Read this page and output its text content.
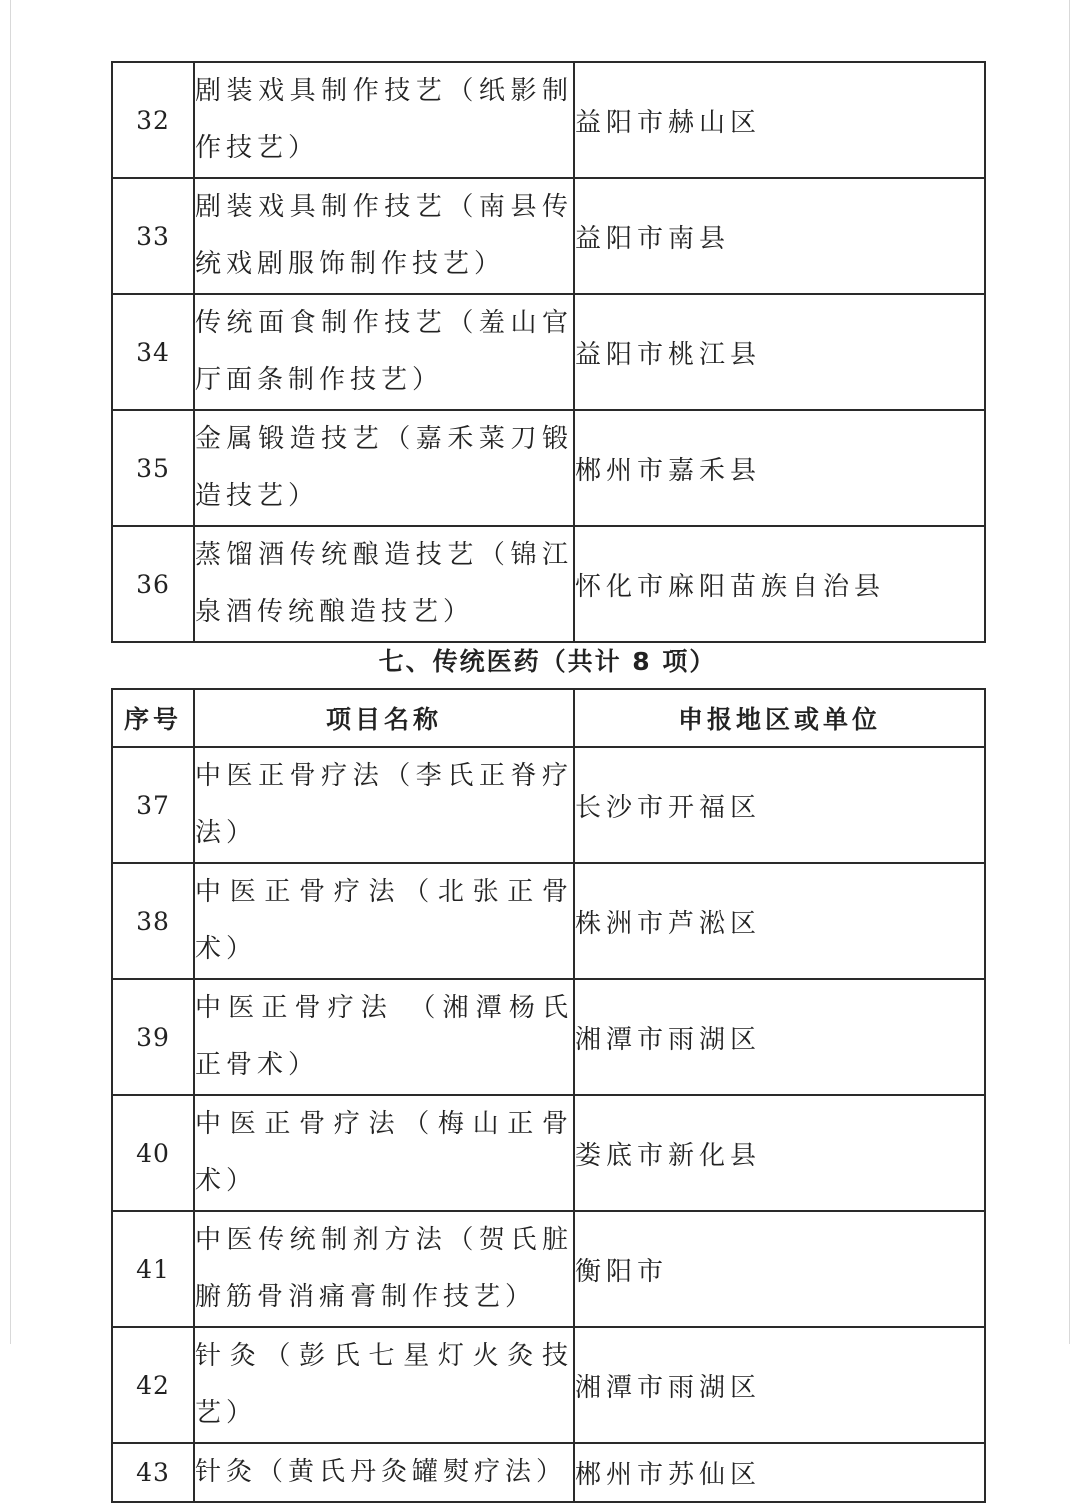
32	剧装戏具制作技艺（纸影制作技艺）	益阳市赫山区
33	剧装戏具制作技艺（南县传统戏剧服饰制作技艺）	益阳市南县
34	传统面食制作技艺（羞山官厅面条制作技艺）	益阳市桃江县
35	金属锻造技艺（嘉禾菜刀锻造技艺）	郴州市嘉禾县
36	蒸馏酒传统酿造技艺（锦江泉酒传统酿造技艺）	怀化市麻阳苗族自治县
七、传统医药（共计 8 项）
序号	项目名称	申报地区或单位
37	中医正骨疗法（李氏正脊疗法）	长沙市开福区
38	中医正骨疗法（北张正骨术）	株洲市芦淞区
39	中医正骨疗法 （湘潭杨氏正骨术）	湘潭市雨湖区
40	中医正骨疗法（梅山正骨术）	娄底市新化县
41	中医传统制剂方法（贺氏脏腑筋骨消痛膏制作技艺）	衡阳市
42	针灸（彭氏七星灯火灸技艺）	湘潭市雨湖区
43	针灸（黄氏丹灸罐熨疗法）	郴州市苏仙区
